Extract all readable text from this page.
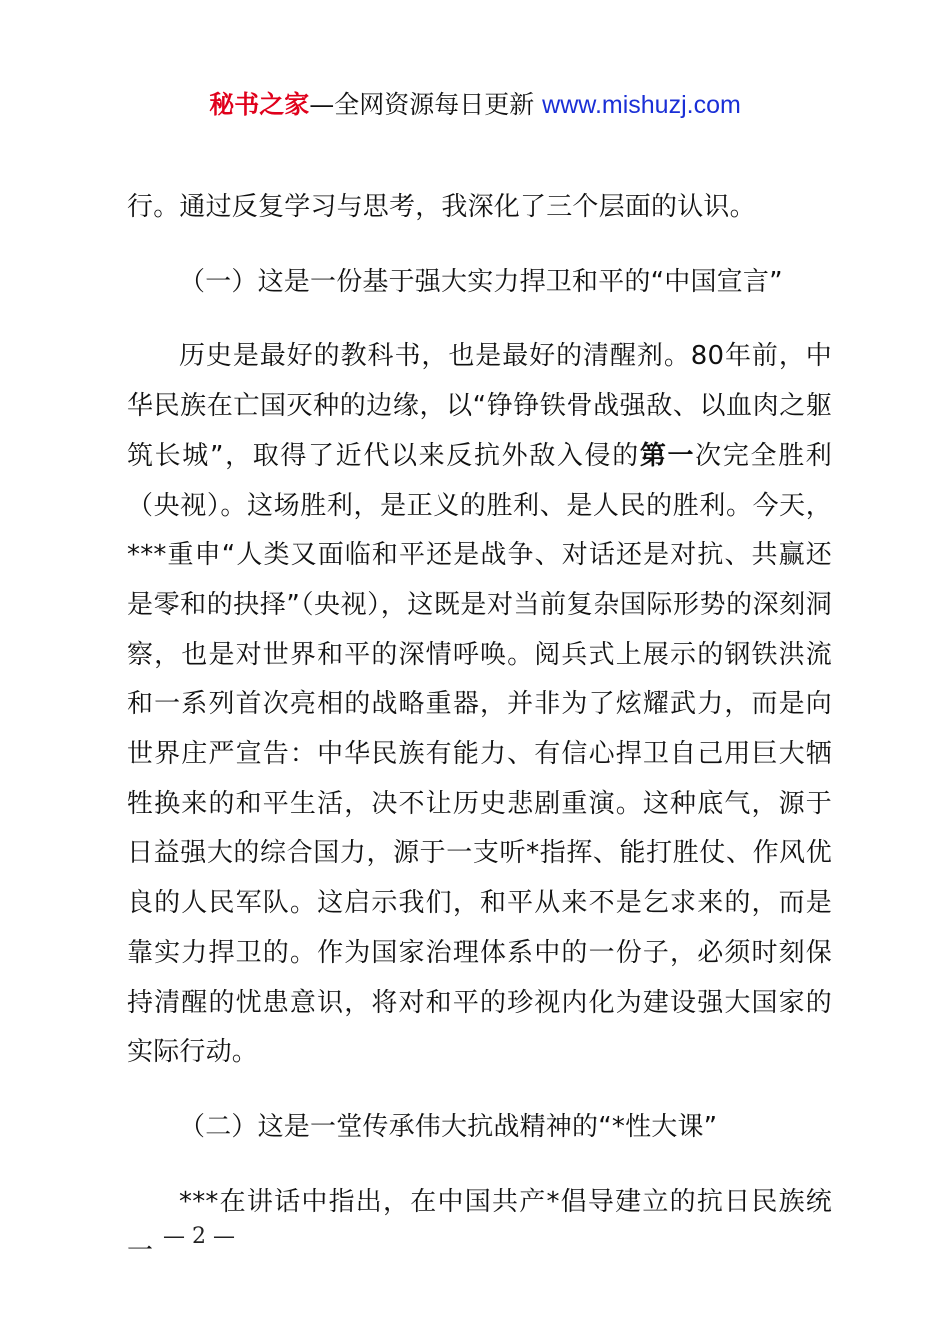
秘书之家—全网资源每日更新 www.mishuzj.com

行。通过反复学习与思考，我深化了三个层面的认识。

（一）这是一份基于强大实力捍卫和平的“中国宣言”

历史是最好的教科书，也是最好的清醒剂。80年前，中华民族在亡国灭种的边缘，以“铮铮铁骨战强敌、以血肉之躯筑长城”，取得了近代以来反抗外敌入侵的第一次完全胜利（央视）。这场胜利，是正义的胜利、是人民的胜利。今天，***重申“人类又面临和平还是战争、对话还是对抗、共赢还是零和的抉择”（央视），这既是对当前复杂国际形势的深刻洞察，也是对世界和平的深情呼唤。阅兵式上展示的钢铁洪流和一系列首次亮相的战略重器，并非为了炫耀武力，而是向世界庄严宣告：中华民族有能力、有信心捍卫自己用巨大牺牲换来的和平生活，决不让历史悲剧重演。这种底气，源于日益强大的综合国力，源于一支听*指挥、能打胜仗、作风优良的人民军队。这启示我们，和平从来不是乞求来的，而是靠实力捍卫的。作为国家治理体系中的一份子，必须时刻保持清醒的忧患意识，将对和平的珍视内化为建设强大国家的实际行动。

（二）这是一堂传承伟大抗战精神的“*性大课”

***在讲话中指出，在中国共产*倡导建立的抗日民族统一 — 2 —
